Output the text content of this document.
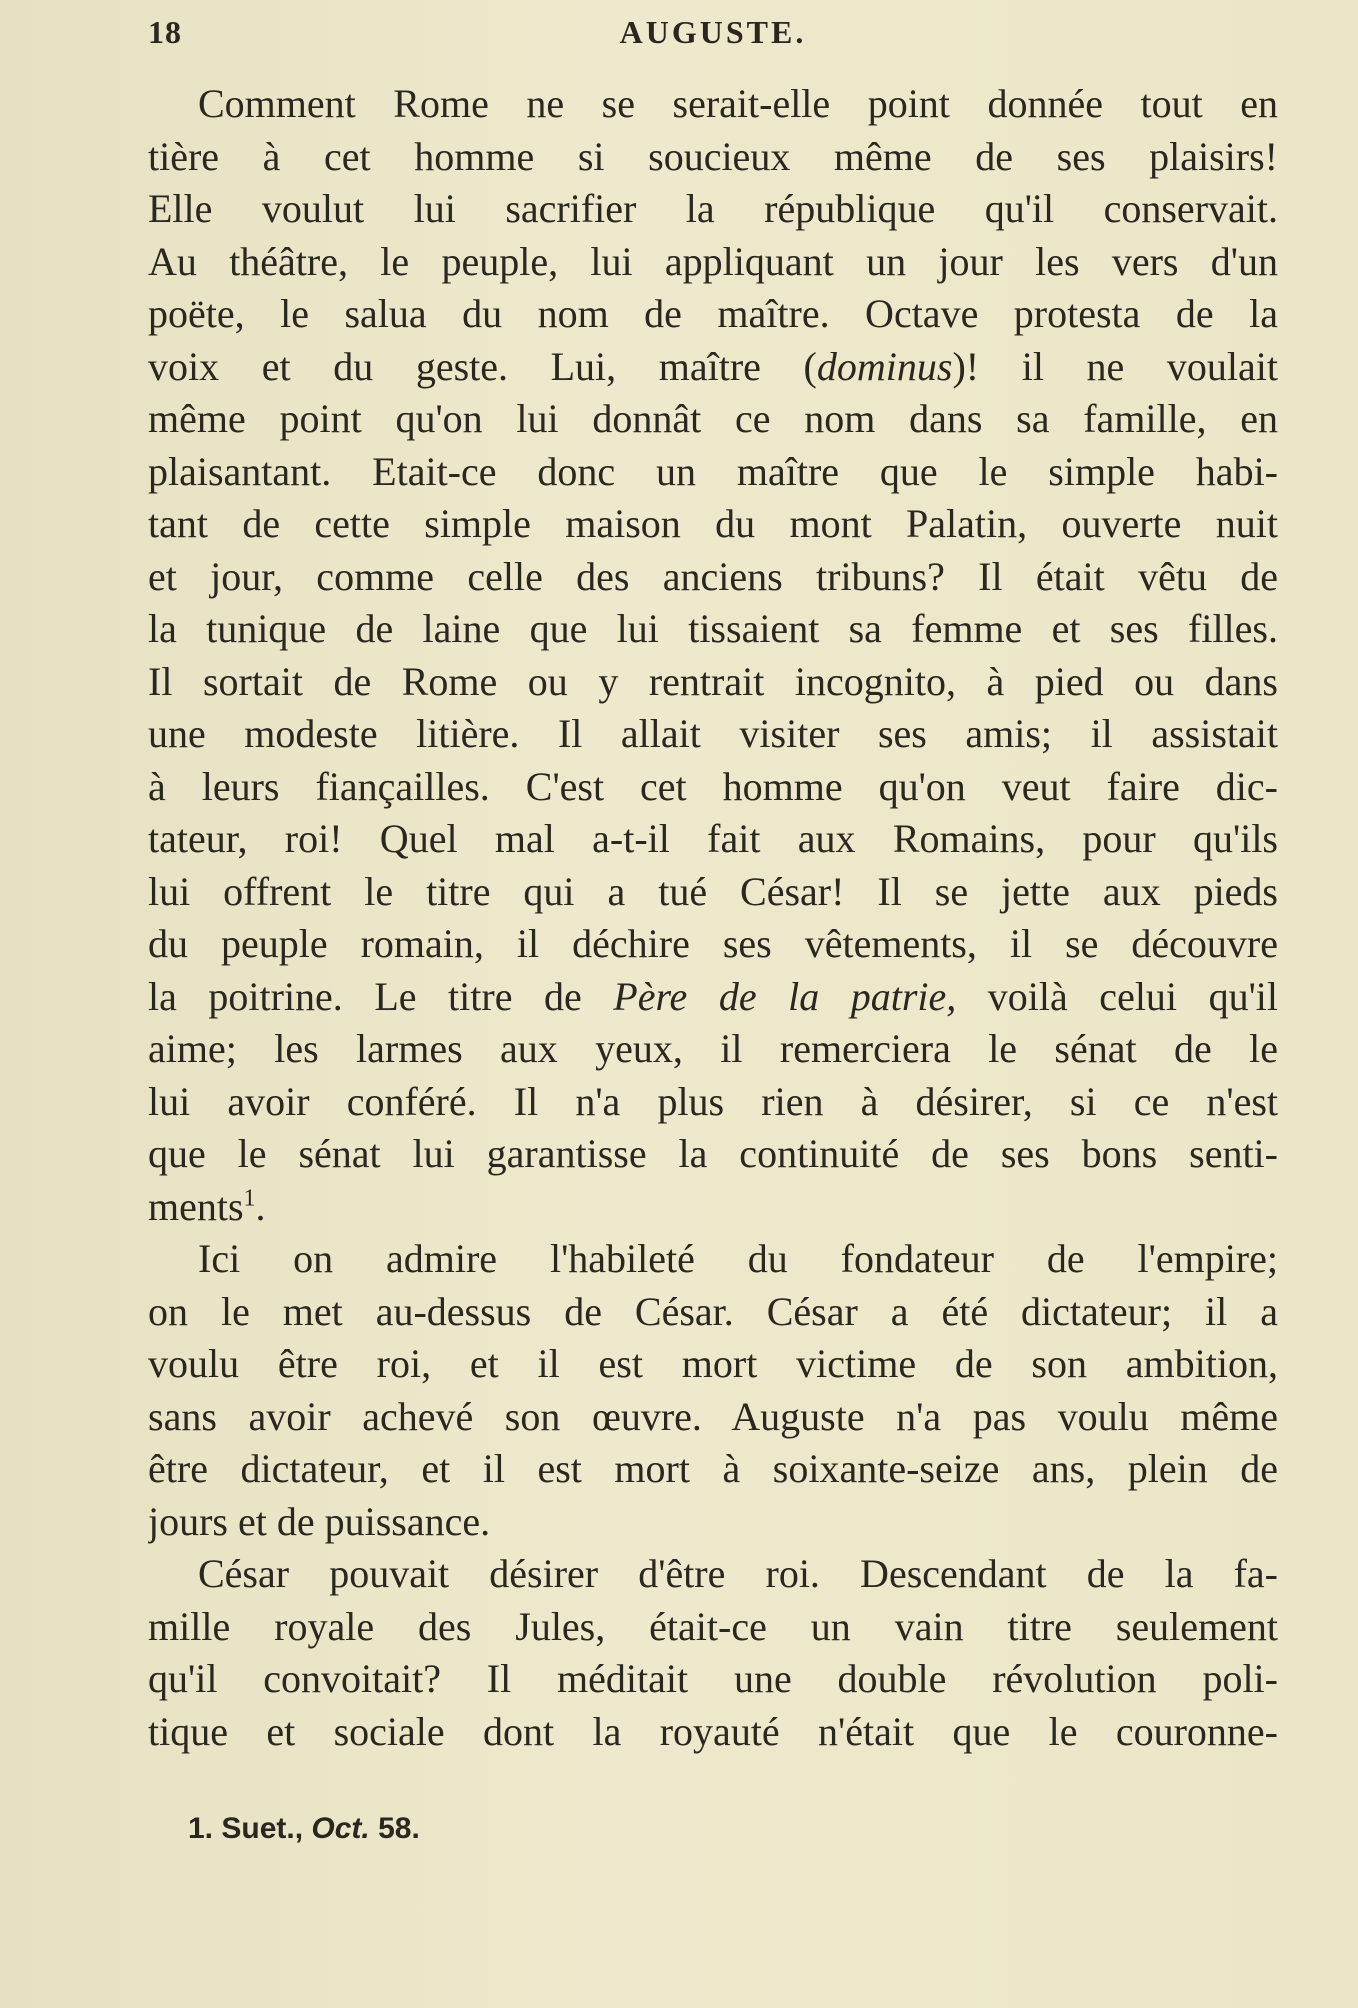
18	AUGUSTE.
Comment Rome ne se serait-elle point donnée tout en
tière à cet homme si soucieux même de ses plaisirs!
Elle voulut lui sacrifier la république qu'il conservait.
Au théâtre, le peuple, lui appliquant un jour les vers d'un
poëte, le salua du nom de maître. Octave protesta de la
voix et du geste. Lui, maître (dominus)! il ne voulait
même point qu'on lui donnât ce nom dans sa famille, en
plaisantant. Etait-ce donc un maître que le simple habi-
tant de cette simple maison du mont Palatin, ouverte nuit
et jour, comme celle des anciens tribuns? Il était vêtu de
la tunique de laine que lui tissaient sa femme et ses filles.
Il sortait de Rome ou y rentrait incognito, à pied ou dans
une modeste litière. Il allait visiter ses amis; il assistait
à leurs fiançailles. C'est cet homme qu'on veut faire dic-
tateur, roi! Quel mal a-t-il fait aux Romains, pour qu'ils
lui offrent le titre qui a tué César! Il se jette aux pieds
du peuple romain, il déchire ses vêtements, il se découvre
la poitrine. Le titre de Père de la patrie, voilà celui qu'il
aime; les larmes aux yeux, il remerciera le sénat de le
lui avoir conféré. Il n'a plus rien à désirer, si ce n'est
que le sénat lui garantisse la continuité de ses bons senti-
ments$^1$.
Ici on admire l'habileté du fondateur de l'empire;
on le met au-dessus de César. César a été dictateur; il a
voulu être roi, et il est mort victime de son ambition,
sans avoir achevé son œuvre. Auguste n'a pas voulu même
être dictateur, et il est mort à soixante-seize ans, plein de
jours et de puissance.
César pouvait désirer d'être roi. Descendant de la fa-
mille royale des Jules, était-ce un vain titre seulement
qu'il convoitait? Il méditait une double révolution poli-
tique et sociale dont la royauté n'était que le couronne-
1. Suet., Oct. 58.
